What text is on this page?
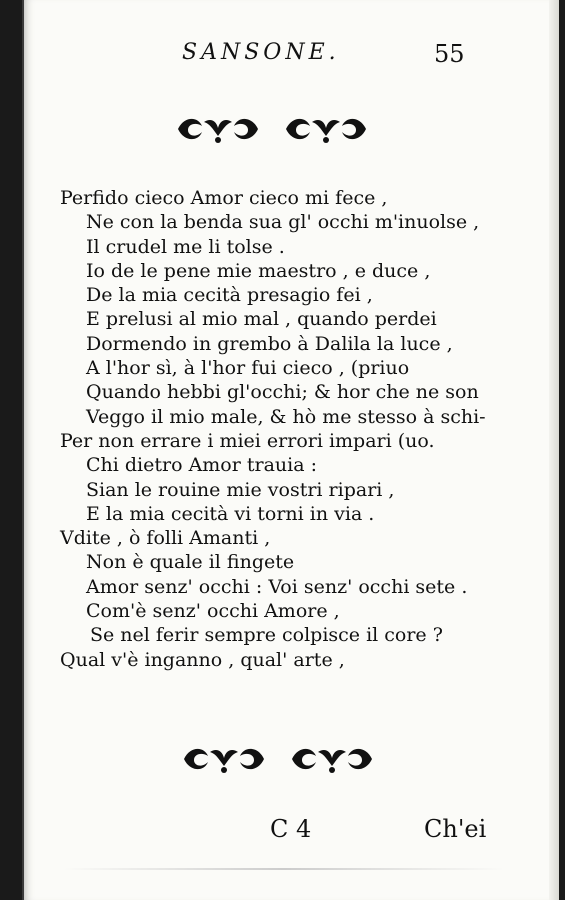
SANSONE.	55
Perfido cieco Amor cieco mi fece ,
Ne con la benda sua gl' occhi m'inuolse ,
Il crudel me li tolse .
Io de le pene mie maestro , e duce ,
De la mia cecità presagio fei ,
E prelusi al mio mal , quando perdei
Dormendo in grembo à Dalila la luce ,
A l'hor sì, à l'hor fui cieco , (priuo
Quando hebbi gl'occhi; & hor che ne son
Veggo il mio male, & hò me stesso à schi-
Per non errare i miei errori impari (uo.
Chi dietro Amor trauia :
Sian le rouine mie vostri ripari ,
E la mia cecità vi torni in via .
Vdite , ò folli Amanti ,
Non è quale il fingete
Amor senz' occhi : Voi senz' occhi sete .
Com'è senz' occhi Amore ,
Se nel ferir sempre colpisce il core ?
Qual v'è inganno , qual' arte ,
C 4	Ch'ei
